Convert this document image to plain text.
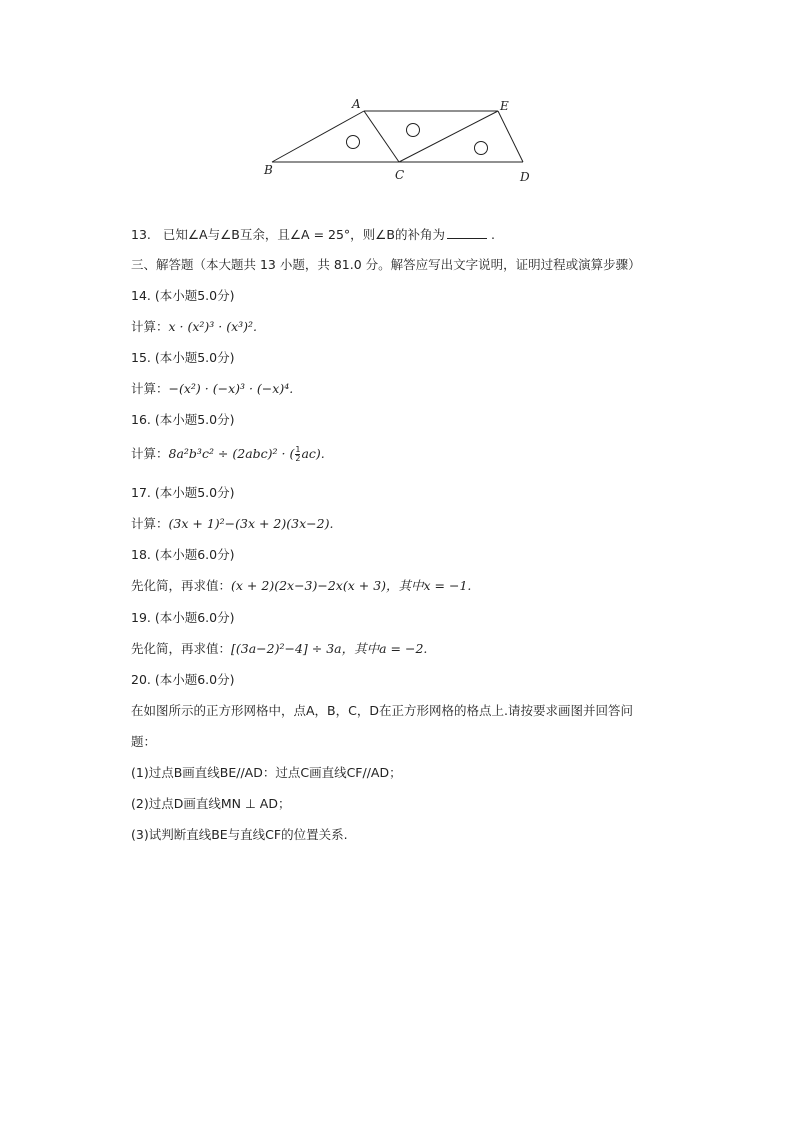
A	E
B	C	D
13. 已知∠A与∠B互余，且∠A = 25°，则∠B的补角为	.
三、解答题（本大题共 13 小题，共 81.0 分。解答应写出文字说明，证明过程或演算步骤）
14. (本小题5.0分)
计算：x · (x²)³ · (x³)².
15. (本小题5.0分)
计算：−(x²) · (−x)³ · (−x)⁴.
16. (本小题5.0分)
计算：8a²b³c² ÷ (2abc)² · ( $\frac{1}{2} ac$).
17. (本小题5.0分)
计算：(3x + 1)²−(3x + 2)(3x−2).
18. (本小题6.0分)
先化简，再求值：(x + 2)(2x−3)−2x(x + 3)，其中x = −1.
19. (本小题6.0分)
先化简，再求值：[(3a−2)²−4] ÷ 3a，其中a = −2.
20. (本小题6.0分)
在如图所示的正方形网格中，点A，B，C，D在正方形网格的格点上.请按要求画图并回答问
题：
(1)过点B画直线BE//AD：过点C画直线CF//AD；
(2)过点D画直线MN ⊥ AD；
(3)试判断直线BE与直线CF的位置关系.
